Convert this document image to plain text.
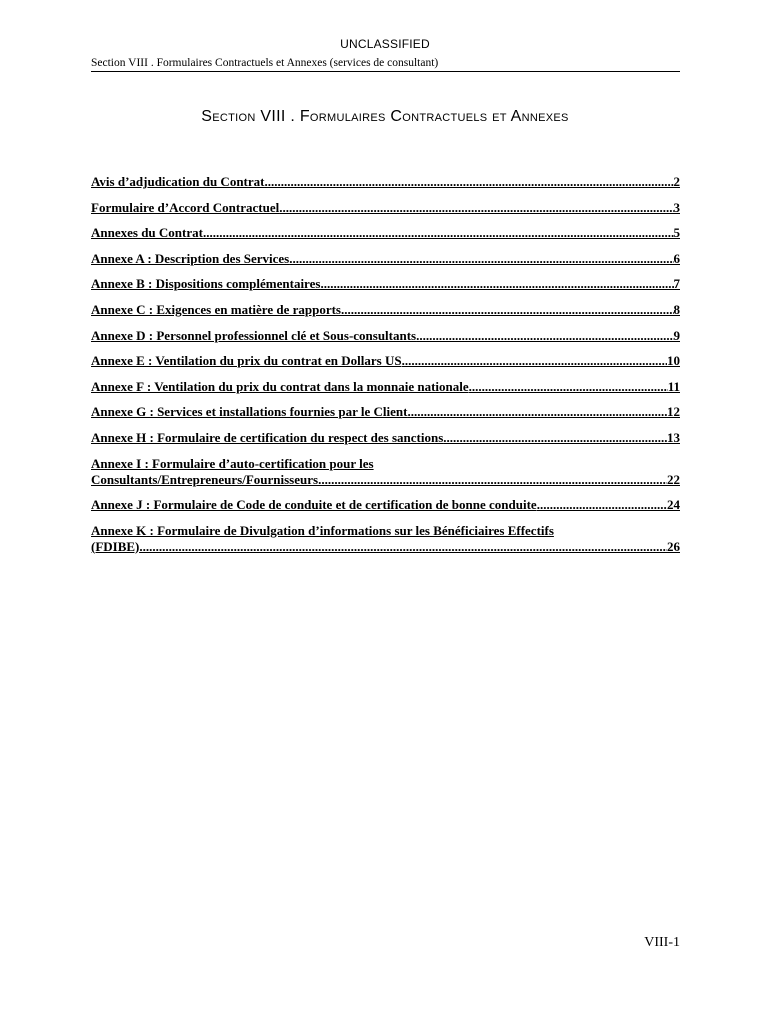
UNCLASSIFIED
Section VIII . Formulaires Contractuels et Annexes (services de consultant)
Section VIII . Formulaires Contractuels et Annexes
Avis d’adjudication du Contrat .....	2
Formulaire d’Accord Contractuel .....	3
Annexes du Contrat .....	5
Annexe A : Description des Services .....	6
Annexe B : Dispositions complémentaires .....	7
Annexe C : Exigences en matière de rapports .....	8
Annexe D : Personnel professionnel clé et Sous-consultants .....	9
Annexe E : Ventilation du prix du contrat en Dollars US .....	10
Annexe F : Ventilation du prix du contrat dans la monnaie nationale .....	11
Annexe G : Services et installations fournies par le Client .....	12
Annexe H : Formulaire de certification du respect des sanctions .....	13
Annexe I : Formulaire d’auto-certification pour les
Consultants/Entrepreneurs/Fournisseurs .....	22
Annexe J : Formulaire de Code de conduite et de certification de bonne conduite .....	24
Annexe K : Formulaire de Divulgation d’informations sur les Bénéficiaires Effectifs
(FDIBE) .....	26
VIII-1
